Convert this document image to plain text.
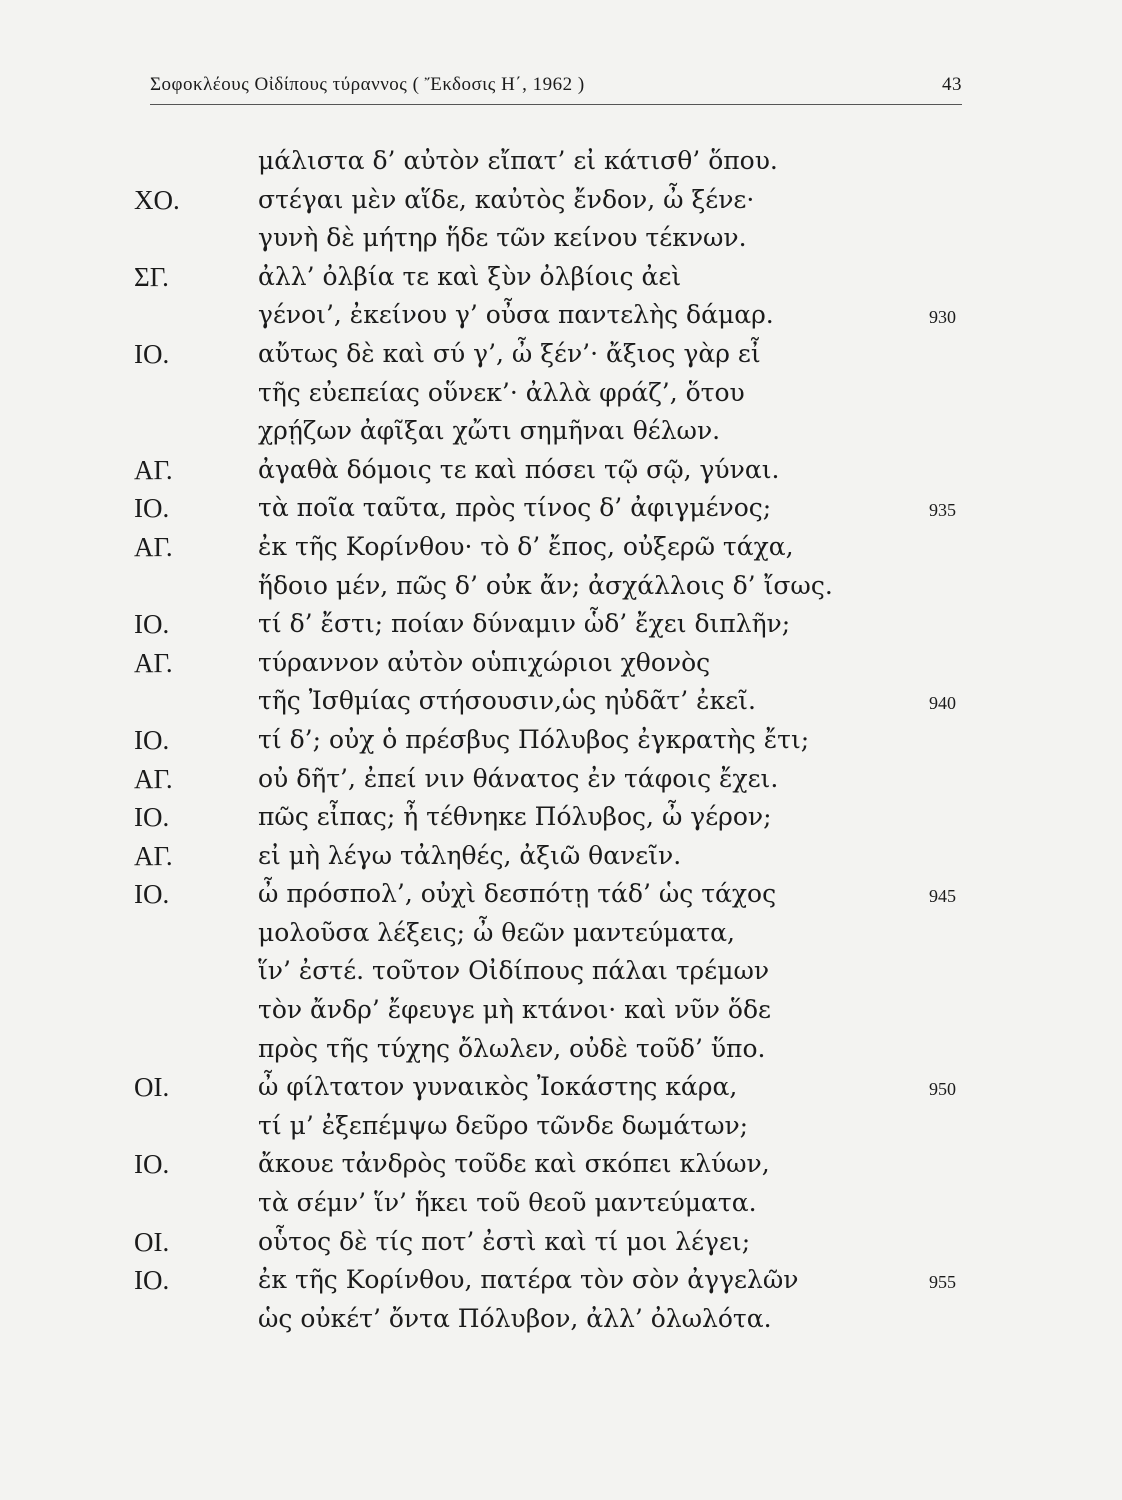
Σοφοκλέους Οἰδίπους τύραννος ( Ἔκδοσις Η΄, 1962 )	43
μάλιστα δ’ αὐτὸν εἴπατ’ εἰ κάτισθ’ ὅπου.
ΧΟ.	στέγαι μὲν αἵδε, καὐτὸς ἔνδον, ὦ ξένε·
γυνὴ δὲ μήτηρ ἥδε τῶν κείνου τέκνων.
ΣΓ.	ἀλλ’ ὀλβία τε καὶ ξὺν ὀλβίοις ἀεὶ
γένοι’, ἐκείνου γ’ οὖσα παντελὴς δάμαρ.	930
ΙΟ.	αὔτως δὲ καὶ σύ γ’, ὦ ξέν’· ἄξιος γὰρ εἶ
τῆς εὐεπείας οὕνεκ’· ἀλλὰ φράζ’, ὅτου
χρῄζων ἀφῖξαι χὤτι σημῆναι θέλων.
ΑΓ.	ἀγαθὰ δόμοις τε καὶ πόσει τῷ σῷ, γύναι.
ΙΟ.	τὰ ποῖα ταῦτα, πρὸς τίνος δ’ ἀφιγμένος;	935
ΑΓ.	ἐκ τῆς Κορίνθου· τὸ δ’ ἔπος, οὐξερῶ τάχα,
ἥδοιο μέν, πῶς δ’ οὐκ ἄν; ἀσχάλλοις δ’ ἴσως.
ΙΟ.	τί δ’ ἔστι; ποίαν δύναμιν ὧδ’ ἔχει διπλῆν;
ΑΓ.	τύραννον αὐτὸν οὑπιχώριοι χθονὸς
τῆς Ἰσθμίας στήσουσιν,ὡς ηὐδᾶτ’ ἐκεῖ.	940
ΙΟ.	τί δ’; οὐχ ὁ πρέσβυς Πόλυβος ἐγκρατὴς ἔτι;
ΑΓ.	οὐ δῆτ’, ἐπεί νιν θάνατος ἐν τάφοις ἔχει.
ΙΟ.	πῶς εἶπας; ἦ τέθνηκε Πόλυβος, ὦ γέρον;
ΑΓ.	εἰ μὴ λέγω τἀληθές, ἀξιῶ θανεῖν.
ΙΟ.	ὦ πρόσπολ’, οὐχὶ δεσπότῃ τάδ’ ὡς τάχος	945
μολοῦσα λέξεις; ὦ θεῶν μαντεύματα,
ἵν’ ἐστέ. τοῦτον Οἰδίπους πάλαι τρέμων
τὸν ἄνδρ’ ἔφευγε μὴ κτάνοι· καὶ νῦν ὅδε
πρὸς τῆς τύχης ὄλωλεν, οὐδὲ τοῦδ’ ὕπο.
ΟΙ.	ὦ φίλτατον γυναικὸς Ἰοκάστης κάρα,	950
τί μ’ ἐξεπέμψω δεῦρο τῶνδε δωμάτων;
ΙΟ.	ἄκουε τἀνδρὸς τοῦδε καὶ σκόπει κλύων,
τὰ σέμν’ ἵν’ ἥκει τοῦ θεοῦ μαντεύματα.
ΟΙ.	οὗτος δὲ τίς ποτ’ ἐστὶ καὶ τί μοι λέγει;
ΙΟ.	ἐκ τῆς Κορίνθου, πατέρα τὸν σὸν ἀγγελῶν	955
ὡς οὐκέτ’ ὄντα Πόλυβον, ἀλλ’ ὀλωλότα.
